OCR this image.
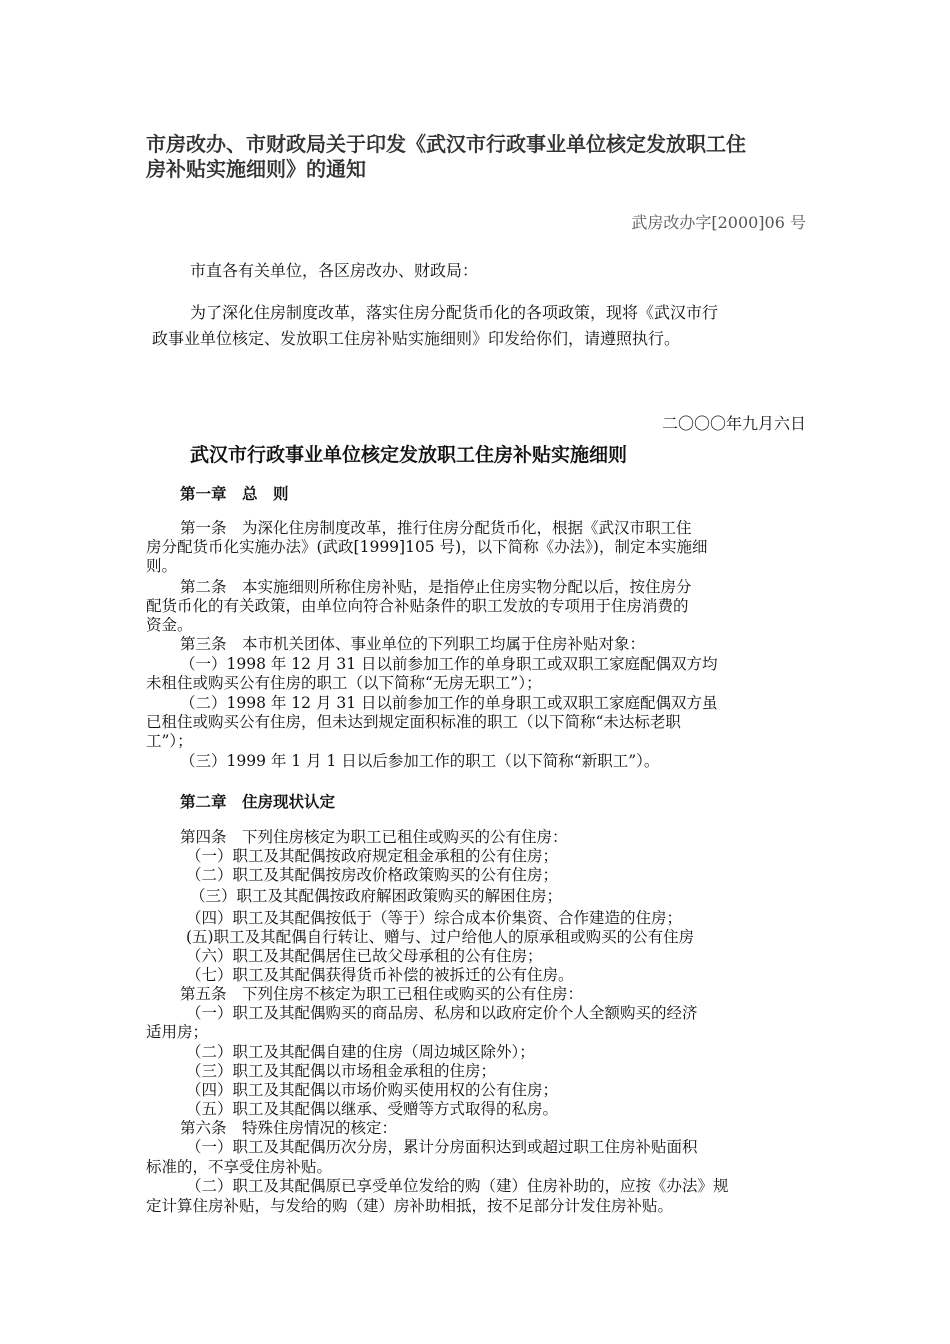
市房改办、市财政局关于印发《武汉市行政事业单位核定发放职工住

房补贴实施细则》的通知

武房改办字[2000]06 号

市直各有关单位，各区房改办、财政局：

为了深化住房制度改革，落实住房分配货币化的各项政策，现将《武汉市行

政事业单位核定、发放职工住房补贴实施细则》印发给你们，请遵照执行。

二〇〇〇年九月六日

武汉市行政事业单位核定发放职工住房补贴实施细则

第一章　总　则

第一条　为深化住房制度改革，推行住房分配货币化，根据《武汉市职工住

房分配货币化实施办法》(武政[1999]105 号)，以下简称《办法》)，制定本实施细

则。

第二条　本实施细则所称住房补贴，是指停止住房实物分配以后，按住房分

配货币化的有关政策，由单位向符合补贴条件的职工发放的专项用于住房消费的

资金。

第三条　本市机关团体、事业单位的下列职工均属于住房补贴对象：

（一）1998 年 12 月 31 日以前参加工作的单身职工或双职工家庭配偶双方均

未租住或购买公有住房的职工（以下简称“无房无职工”）；

（二）1998 年 12 月 31 日以前参加工作的单身职工或双职工家庭配偶双方虽

已租住或购买公有住房，但未达到规定面积标准的职工（以下简称“未达标老职

工”）；

（三）1999 年 1 月 1 日以后参加工作的职工（以下简称“新职工”）。

第二章　住房现状认定

第四条　下列住房核定为职工已租住或购买的公有住房：

（一）职工及其配偶按政府规定租金承租的公有住房；

（二）职工及其配偶按房改价格政策购买的公有住房；

（三）职工及其配偶按政府解困政策购买的解困住房；

（四）职工及其配偶按低于（等于）综合成本价集资、合作建造的住房；

(五)职工及其配偶自行转让、赠与、过户给他人的原承租或购买的公有住房

（六）职工及其配偶居住已故父母承租的公有住房；

（七）职工及其配偶获得货币补偿的被拆迁的公有住房。

第五条　下列住房不核定为职工已租住或购买的公有住房：

（一）职工及其配偶购买的商品房、私房和以政府定价个人全额购买的经济

适用房；

（二）职工及其配偶自建的住房（周边城区除外）；

（三）职工及其配偶以市场租金承租的住房；

（四）职工及其配偶以市场价购买使用权的公有住房；

（五）职工及其配偶以继承、受赠等方式取得的私房。

第六条　特殊住房情况的核定：

（一）职工及其配偶历次分房，累计分房面积达到或超过职工住房补贴面积

标准的，不享受住房补贴。

（二）职工及其配偶原已享受单位发给的购（建）住房补助的，应按《办法》规

定计算住房补贴，与发给的购（建）房补助相抵，按不足部分计发住房补贴。
